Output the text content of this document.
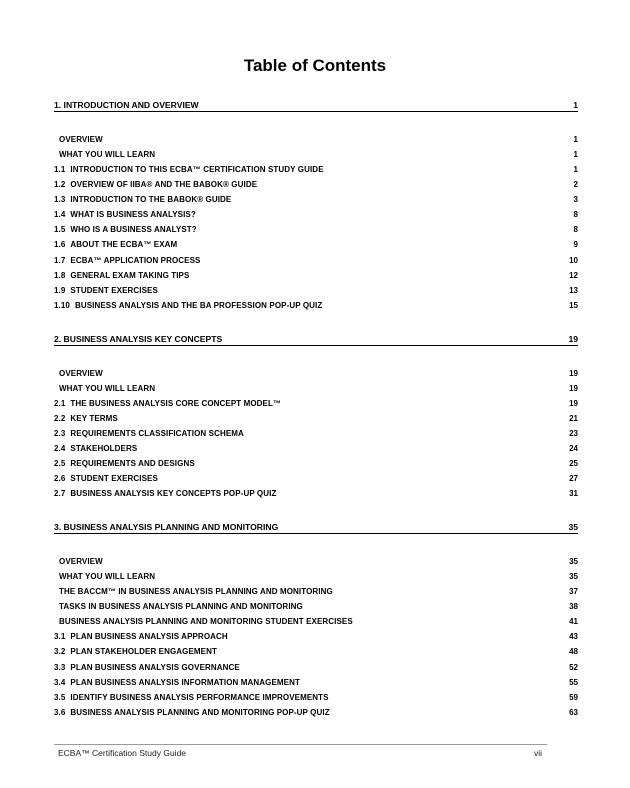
Table of Contents
1. INTRODUCTION AND OVERVIEW	1
OVERVIEW	1
WHAT YOU WILL LEARN	1
1.1 INTRODUCTION TO THIS ECBA™ CERTIFICATION STUDY GUIDE	1
1.2 OVERVIEW OF IIBA® AND THE BABOK® GUIDE	2
1.3 INTRODUCTION TO THE BABOK® GUIDE	3
1.4 WHAT IS BUSINESS ANALYSIS?	8
1.5 WHO IS A BUSINESS ANALYST?	8
1.6 ABOUT THE ECBA™ EXAM	9
1.7 ECBA™ APPLICATION PROCESS	10
1.8 GENERAL EXAM TAKING TIPS	12
1.9 STUDENT EXERCISES	13
1.10 BUSINESS ANALYSIS AND THE BA PROFESSION POP-UP QUIZ	15
2. BUSINESS ANALYSIS KEY CONCEPTS	19
OVERVIEW	19
WHAT YOU WILL LEARN	19
2.1 THE BUSINESS ANALYSIS CORE CONCEPT MODEL™	19
2.2 KEY TERMS	21
2.3 REQUIREMENTS CLASSIFICATION SCHEMA	23
2.4 STAKEHOLDERS	24
2.5 REQUIREMENTS AND DESIGNS	25
2.6 STUDENT EXERCISES	27
2.7 BUSINESS ANALYSIS KEY CONCEPTS POP-UP QUIZ	31
3. BUSINESS ANALYSIS PLANNING AND MONITORING	35
OVERVIEW	35
WHAT YOU WILL LEARN	35
THE BACCM™ IN BUSINESS ANALYSIS PLANNING AND MONITORING	37
TASKS IN BUSINESS ANALYSIS PLANNING AND MONITORING	38
BUSINESS ANALYSIS PLANNING AND MONITORING STUDENT EXERCISES	41
3.1 PLAN BUSINESS ANALYSIS APPROACH	43
3.2 PLAN STAKEHOLDER ENGAGEMENT	48
3.3 PLAN BUSINESS ANALYSIS GOVERNANCE	52
3.4 PLAN BUSINESS ANALYSIS INFORMATION MANAGEMENT	55
3.5 IDENTIFY BUSINESS ANALYSIS PERFORMANCE IMPROVEMENTS	59
3.6 BUSINESS ANALYSIS PLANNING AND MONITORING POP-UP QUIZ	63
ECBA™ Certification Study Guide	vii
